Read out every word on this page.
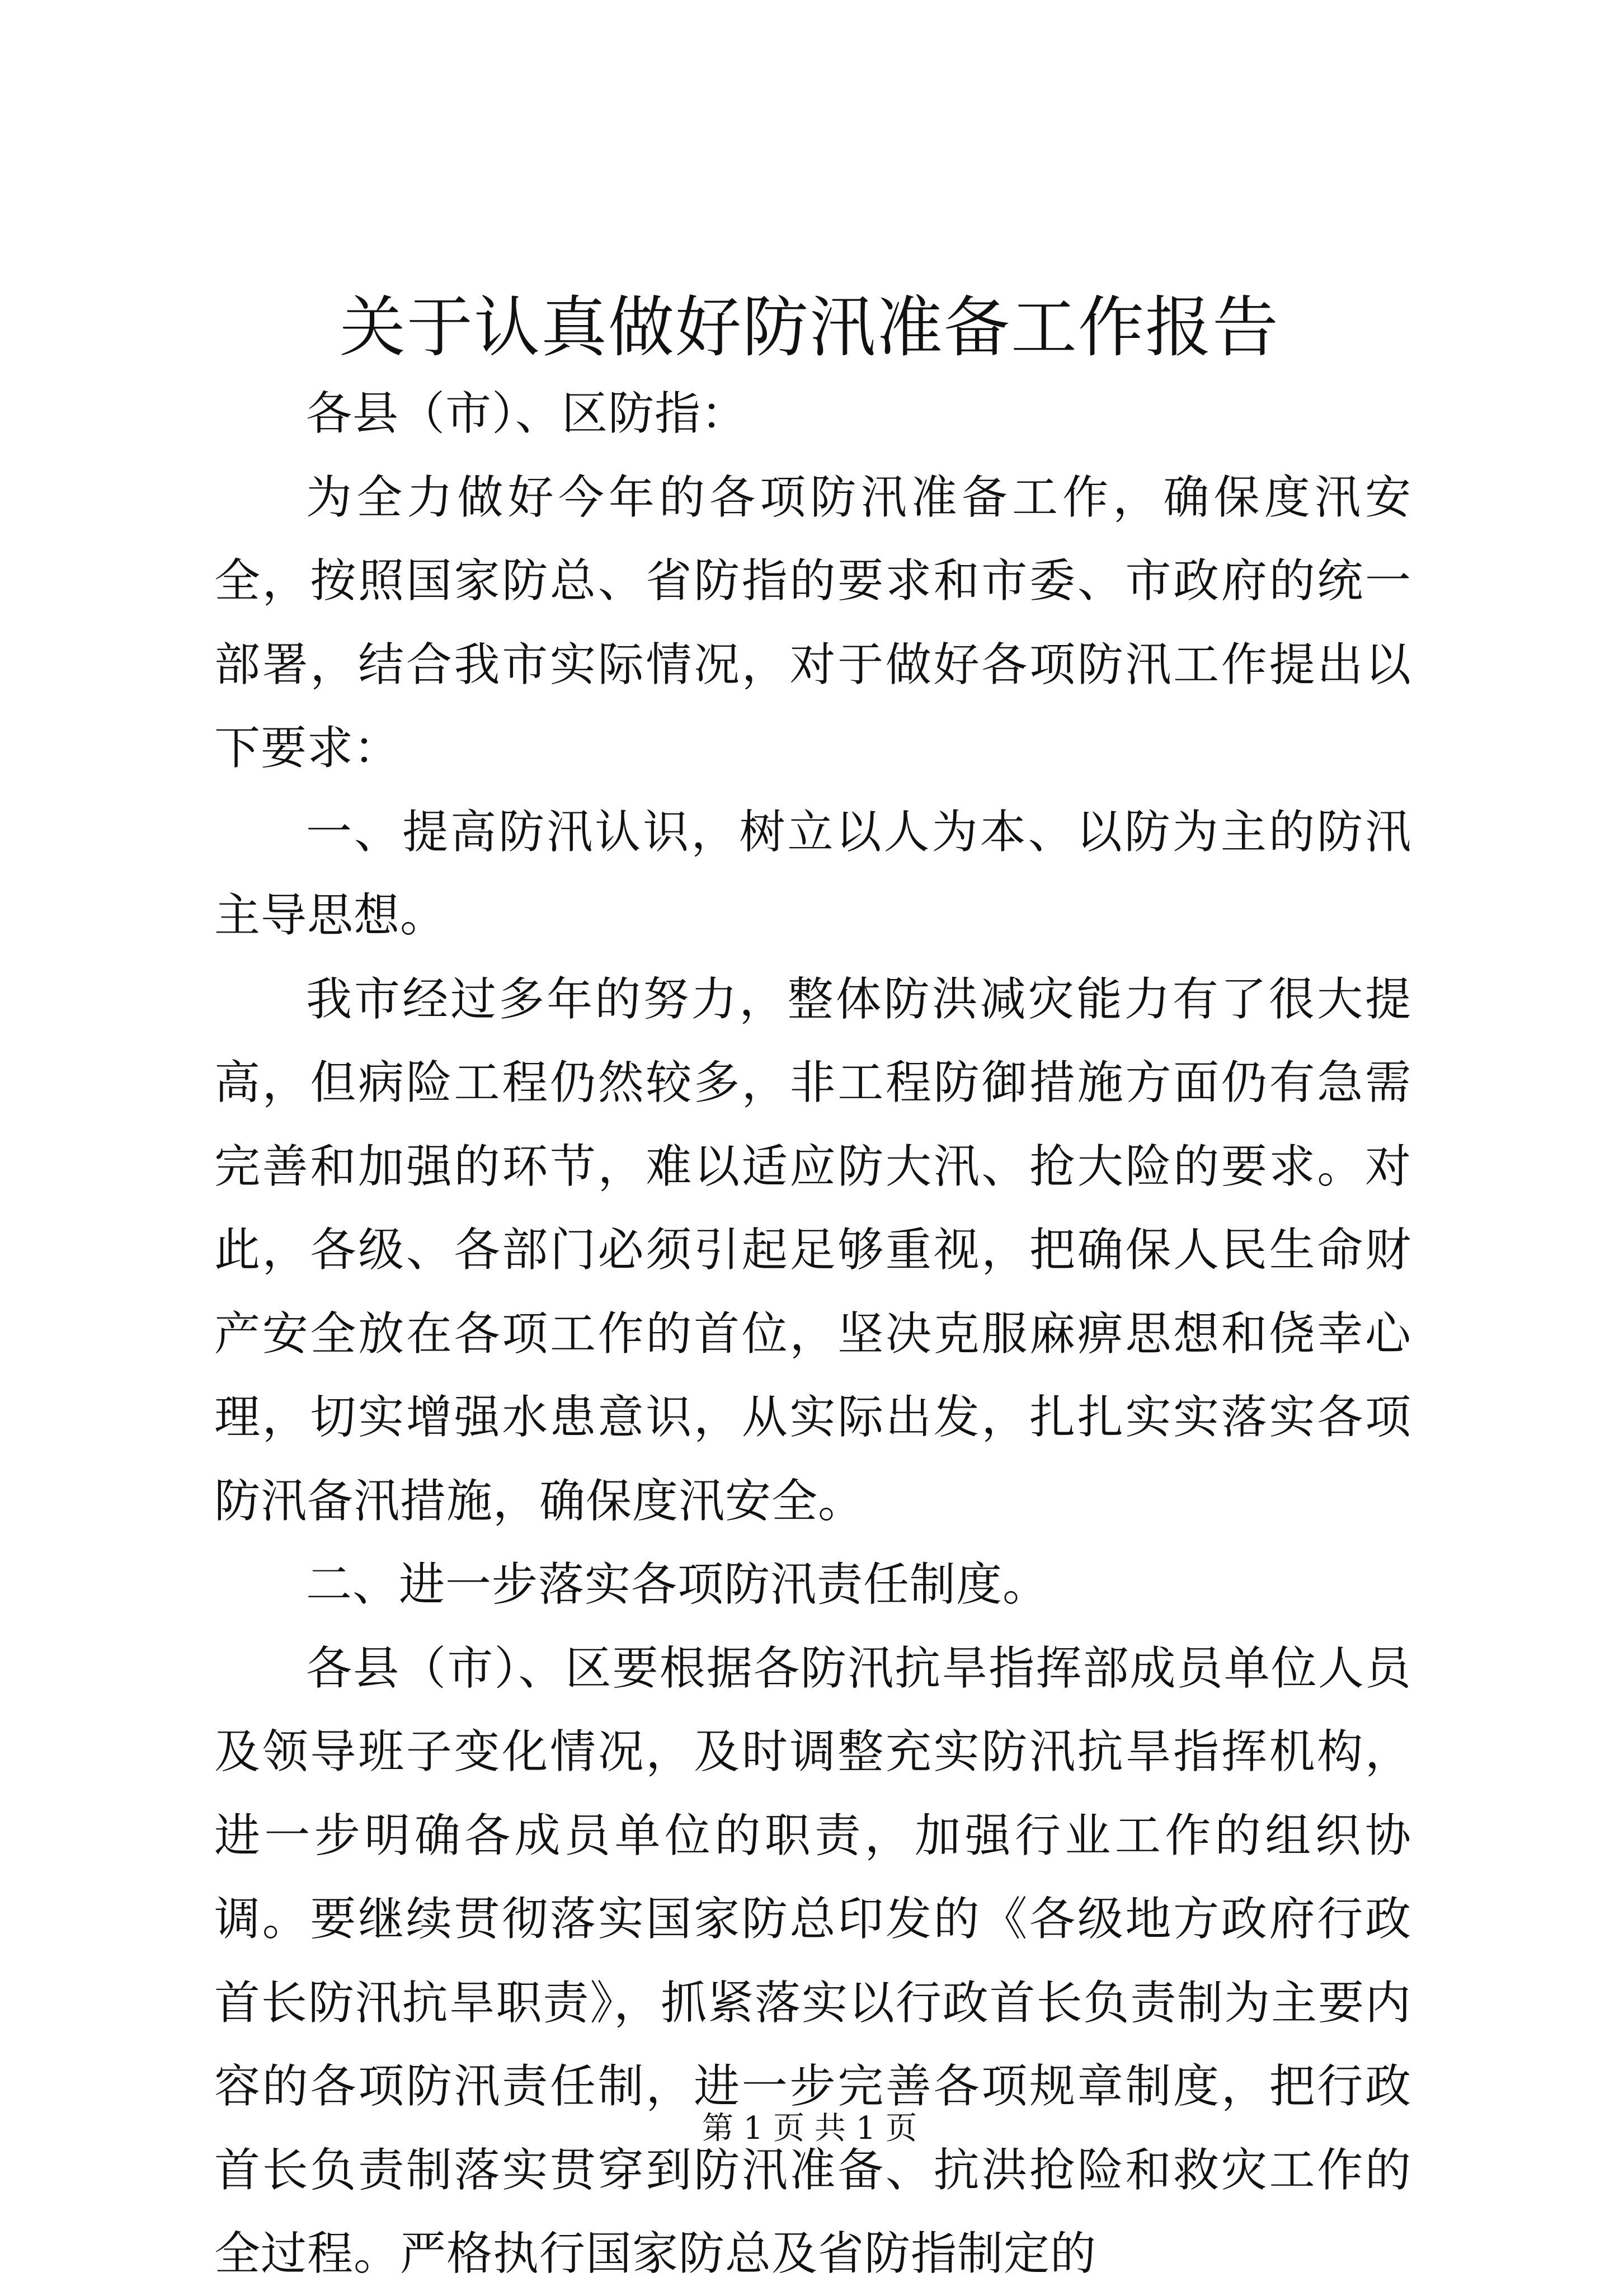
关于认真做好防汛准备工作报告

各县（市）、区防指：

为全力做好今年的各项防汛准备工作，确保度汛安全，按照国家防总、省防指的要求和市委、市政府的统一部署，结合我市实际情况，对于做好各项防汛工作提出以下要求：

一、提高防汛认识，树立以人为本、以防为主的防汛主导思想。

我市经过多年的努力，整体防洪减灾能力有了很大提高，但病险工程仍然较多，非工程防御措施方面仍有急需完善和加强的环节，难以适应防大汛、抢大险的要求。对此，各级、各部门必须引起足够重视，把确保人民生命财产安全放在各项工作的首位，坚决克服麻痹思想和侥幸心理，切实增强水患意识，从实际出发，扎扎实实落实各项防汛备汛措施，确保度汛安全。

二、进一步落实各项防汛责任制度。

各县（市）、区要根据各防汛抗旱指挥部成员单位人员及领导班子变化情况，及时调整充实防汛抗旱指挥机构，进一步明确各成员单位的职责，加强行业工作的组织协调。要继续贯彻落实国家防总印发的《各级地方政府行政首长防汛抗旱职责》，抓紧落实以行政首长负责制为主要内容的各项防汛责任制，进一步完善各项规章制度，把行政首长负责制落实贯穿到防汛准备、抗洪抢险和救灾工作的全过程。严格执行国家防总及省防指制定的

第 1 页 共 1 页
